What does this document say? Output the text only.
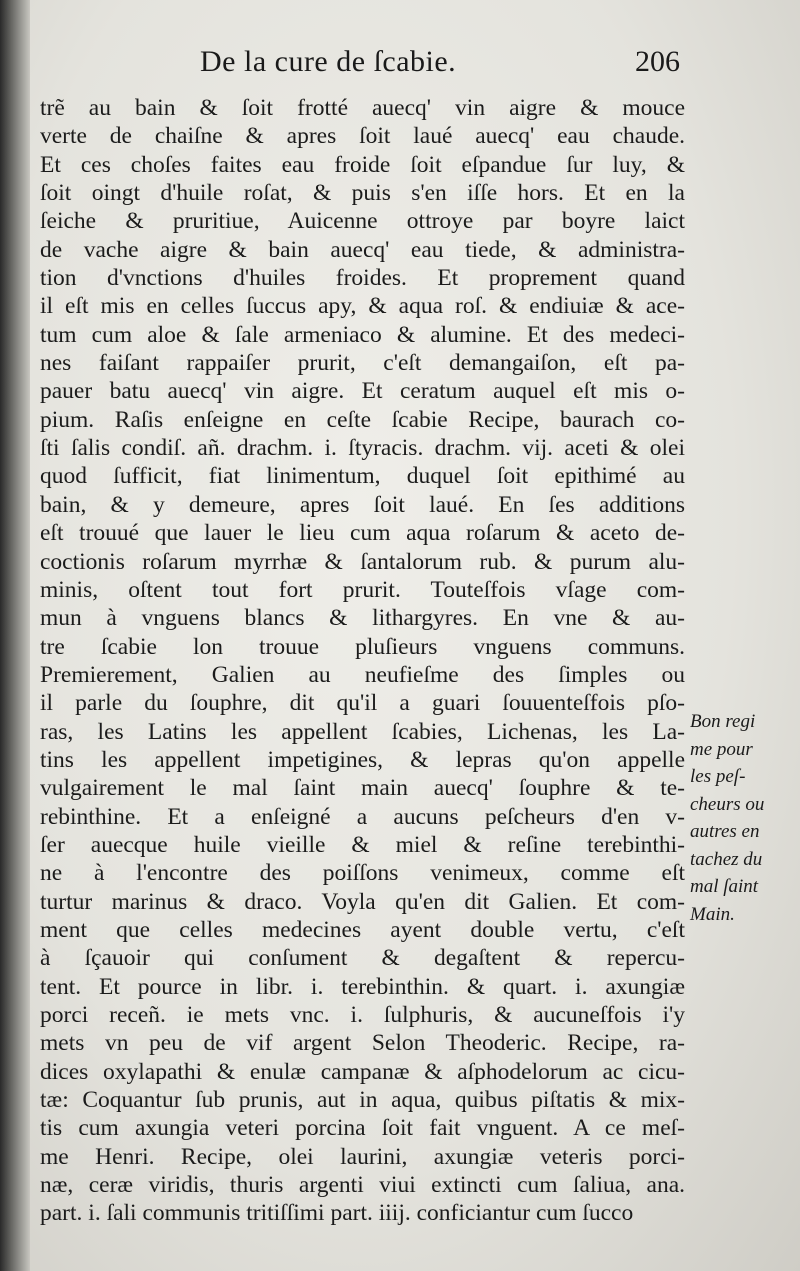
De la cure de ſcabie.	206
trẽ au bain & ſoit frotté auecq' vin aigre & mouce
verte de chaiſne & apres ſoit laué auecq' eau chaude.
Et ces choſes faites eau froide ſoit eſpandue ſur luy, &
ſoit oingt d'huile roſat, & puis s'en iſſe hors. Et en la
ſeiche & pruritiue, Auicenne ottroye par boyre laict
de vache aigre & bain auecq' eau tiede, & administra-
tion d'vnctions d'huiles froides. Et proprement quand
il eſt mis en celles ſuccus apy, & aqua roſ. & endiuiæ & ace-
tum cum aloe & ſale armeniaco & alumine. Et des medeci-
nes faiſant rappaiſer prurit, c'eſt demangaiſon, eſt pa-
pauer batu auecq' vin aigre. Et ceratum auquel eſt mis o-
pium. Raſis enſeigne en ceſte ſcabie Recipe, baurach co-
ſti ſalis condiſ. añ. drachm. i. ſtyracis. drachm. vij. aceti & olei
quod ſufficit, fiat linimentum, duquel ſoit epithimé au
bain, & y demeure, apres ſoit laué. En ſes additions
eſt trouué que lauer le lieu cum aqua roſarum & aceto de-
coctionis roſarum myrrhæ & ſantalorum rub. & purum alu-
minis, oſtent tout fort prurit. Touteſfois vſage com-
mun à vnguens blancs & lithargyres. En vne & au-
tre ſcabie lon trouue pluſieurs vnguens communs.
Premierement, Galien au neufieſme des ſimples ou
il parle du ſouphre, dit qu'il a guari ſouuenteſfois pſo-
ras, les Latins les appellent ſcabies, Lichenas, les La-
tins les appellent impetigines, & lepras qu'on appelle
vulgairement le mal ſaint main auecq' ſouphre & te-
rebinthine. Et a enſeigné a aucuns peſcheurs d'en v-
ſer auecque huile vieille & miel & reſine terebinthi-
ne à l'encontre des poiſſons venimeux, comme eſt
turtur marinus & draco. Voyla qu'en dit Galien. Et com-
ment que celles medecines ayent double vertu, c'eſt
à ſçauoir qui conſument & degaſtent & repercu-
tent. Et pource in libr. i. terebinthin. & quart. i. axungiæ
porci receñ. ie mets vnc. i. ſulphuris, & aucuneſfois i'y
mets vn peu de vif argent Selon Theoderic. Recipe, ra-
dices oxylapathi & enulæ campanæ & aſphodelorum ac cicu-
tæ: Coquantur ſub prunis, aut in aqua, quibus piſtatis & mix-
tis cum axungia veteri porcina ſoit fait vnguent. A ce meſ-
me Henri. Recipe, olei laurini, axungiæ veteris porci-
næ, ceræ viridis, thuris argenti viui extincti cum ſaliua, ana.
part. i. ſali communis tritiſſimi part. iiij. conficiantur cum ſucco
Bon regi
me pour
les peſ-
cheurs ou
autres en
tachez du
mal ſaint
Main.
